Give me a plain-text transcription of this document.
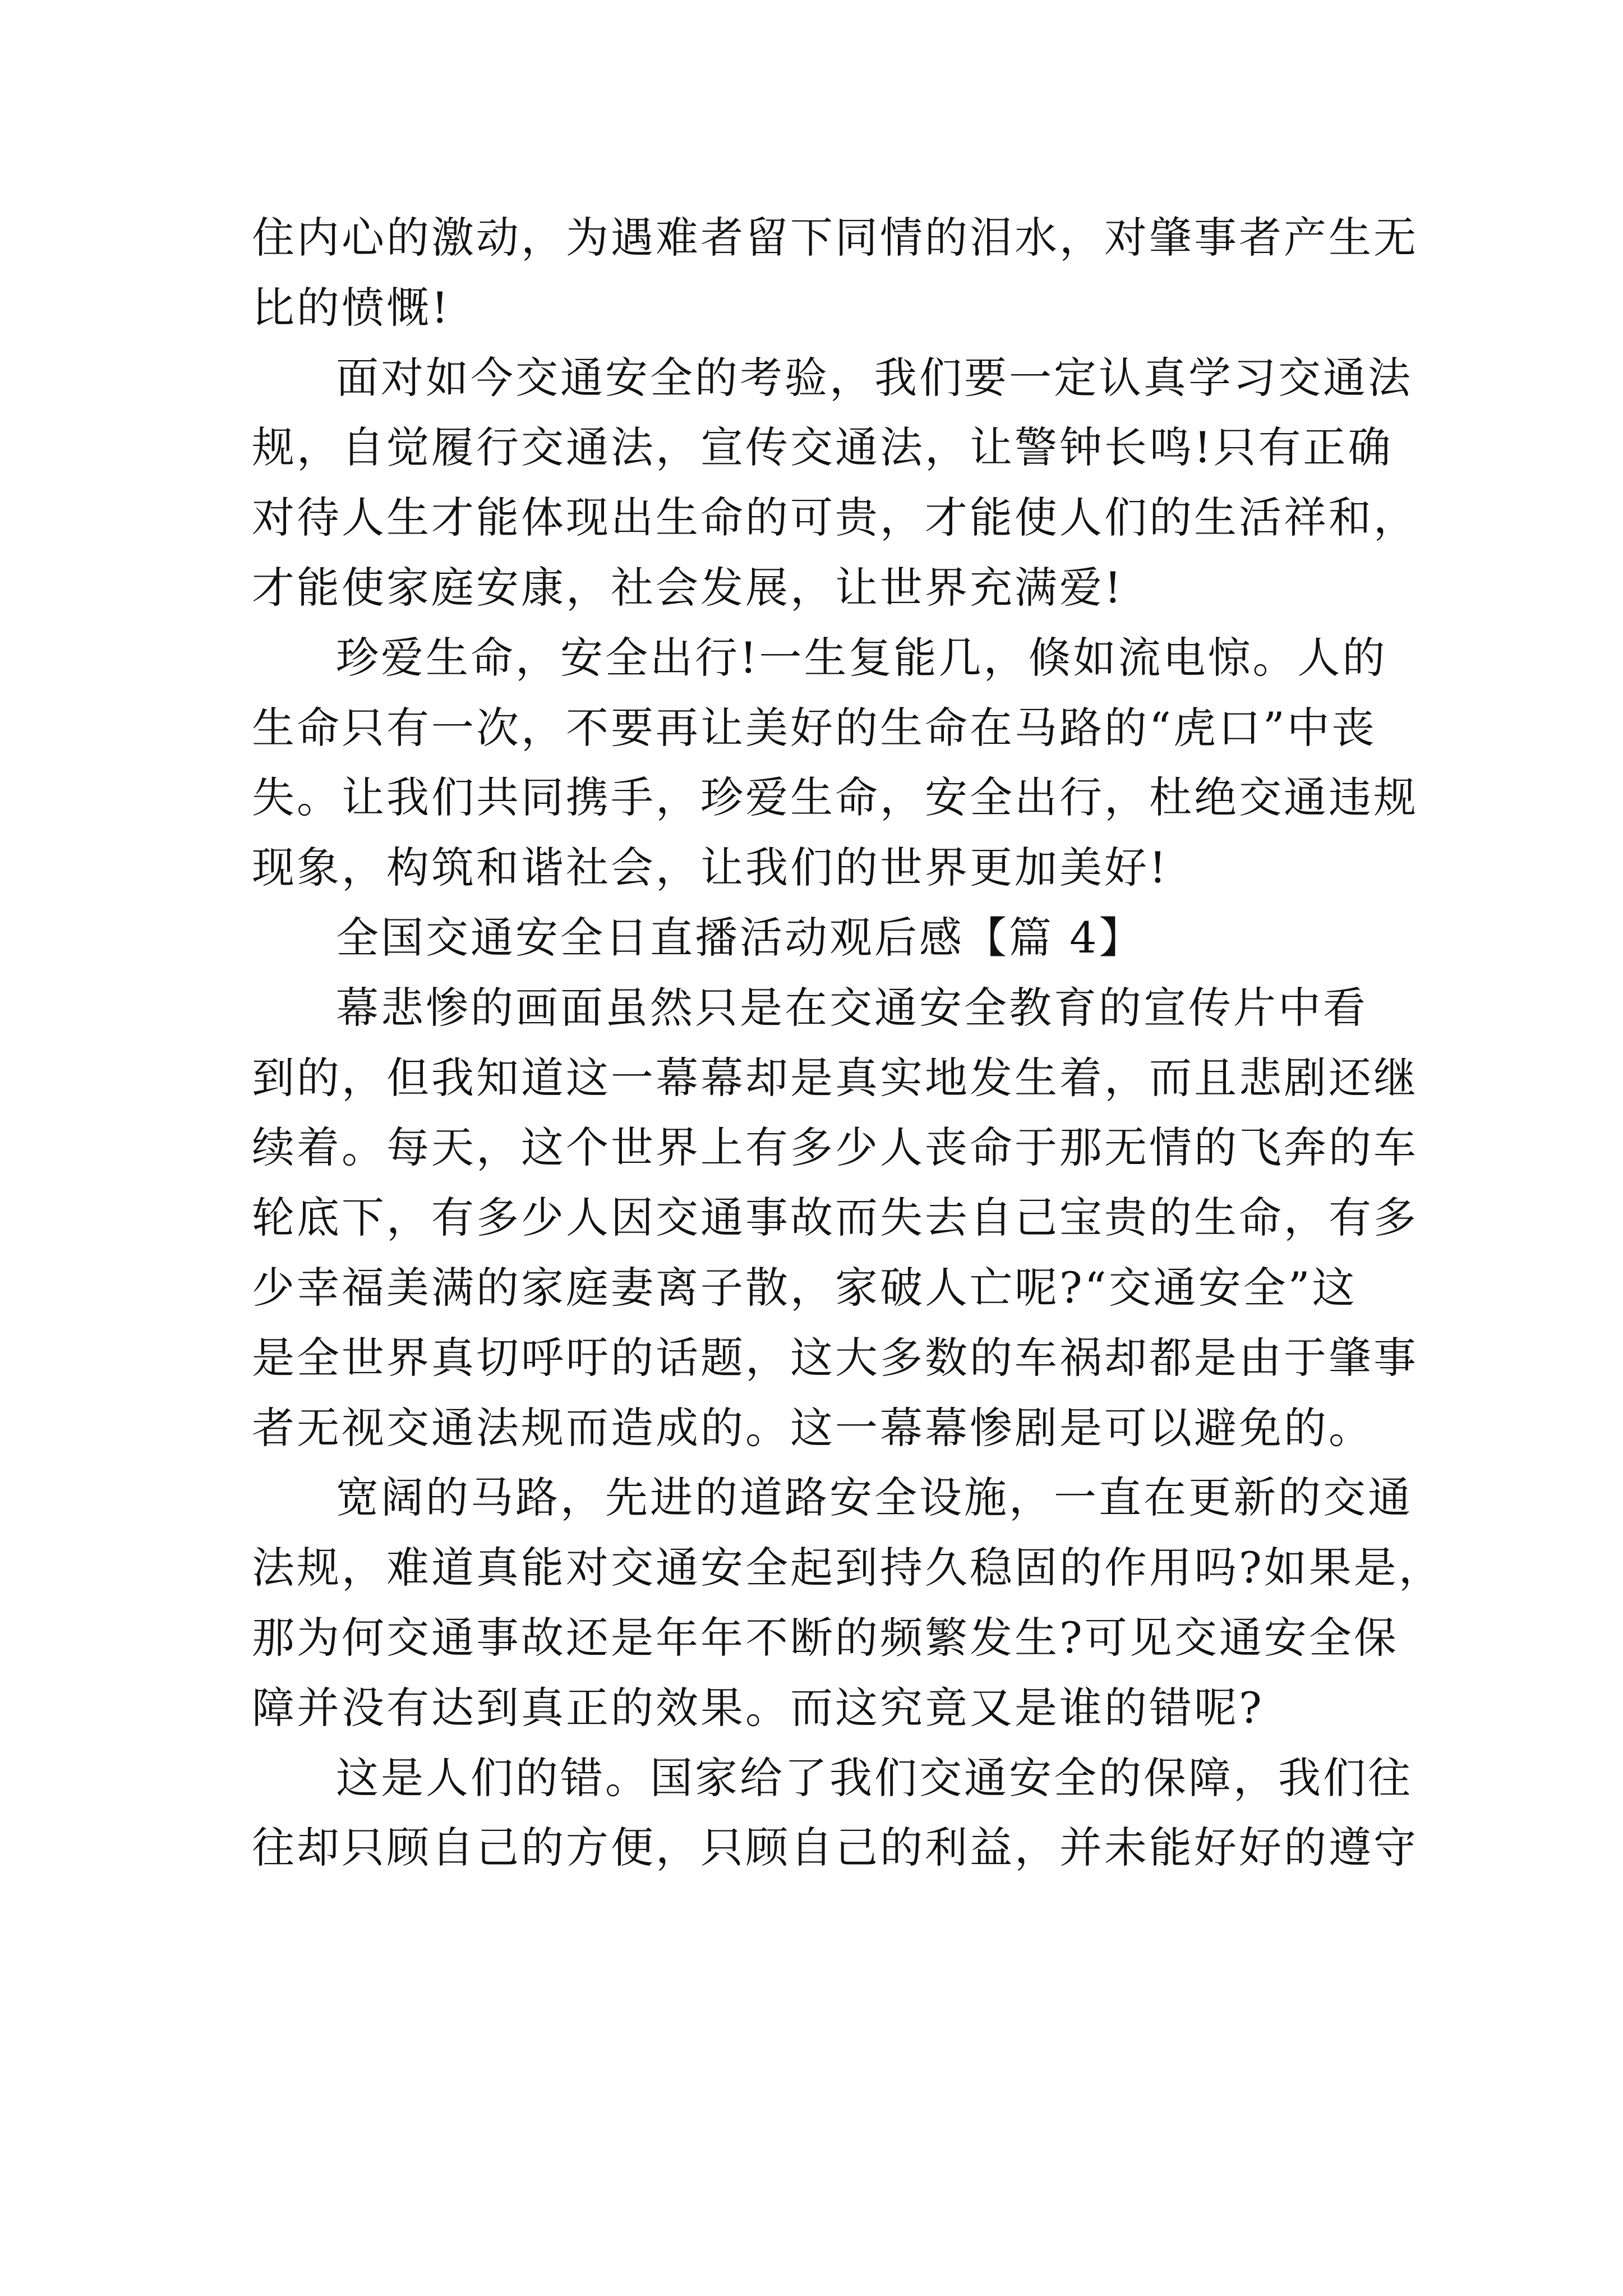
住内心的激动，为遇难者留下同情的泪水，对肇事者产生无
比的愤慨!
面对如今交通安全的考验，我们要一定认真学习交通法
规，自觉履行交通法，宣传交通法，让警钟长鸣!只有正确
对待人生才能体现出生命的可贵，才能使人们的生活祥和，
才能使家庭安康，社会发展，让世界充满爱!
珍爱生命，安全出行!一生复能几，倏如流电惊。人的
生命只有一次，不要再让美好的生命在马路的“虎口”中丧
失。让我们共同携手，珍爱生命，安全出行，杜绝交通违规
现象，构筑和谐社会，让我们的世界更加美好!
全国交通安全日直播活动观后感【篇 4】
幕悲惨的画面虽然只是在交通安全教育的宣传片中看
到的，但我知道这一幕幕却是真实地发生着，而且悲剧还继
续着。每天，这个世界上有多少人丧命于那无情的飞奔的车
轮底下，有多少人因交通事故而失去自己宝贵的生命，有多
少幸福美满的家庭妻离子散，家破人亡呢?“交通安全”这
是全世界真切呼吁的话题，这大多数的车祸却都是由于肇事
者无视交通法规而造成的。这一幕幕惨剧是可以避免的。
宽阔的马路，先进的道路安全设施，一直在更新的交通
法规，难道真能对交通安全起到持久稳固的作用吗?如果是，
那为何交通事故还是年年不断的频繁发生?可见交通安全保
障并没有达到真正的效果。而这究竟又是谁的错呢?
这是人们的错。国家给了我们交通安全的保障，我们往
往却只顾自己的方便，只顾自己的利益，并未能好好的遵守
